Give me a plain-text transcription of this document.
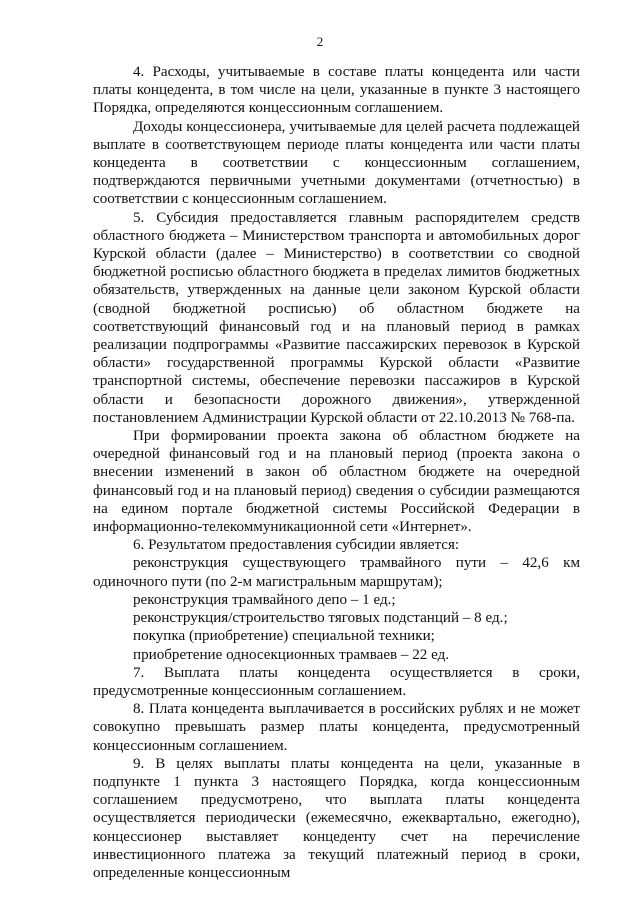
2

4. Расходы, учитываемые в составе платы концедента или части платы концедента, в том числе на цели, указанные в пункте 3 настоящего Порядка, определяются концессионным соглашением.

Доходы концессионера, учитываемые для целей расчета подлежащей выплате в соответствующем периоде платы концедента или части платы концедента в соответствии с концессионным соглашением, подтверждаются первичными учетными документами (отчетностью) в соответствии с концессионным соглашением.

5. Субсидия предоставляется главным распорядителем средств областного бюджета – Министерством транспорта и автомобильных дорог Курской области (далее – Министерство) в соответствии со сводной бюджетной росписью областного бюджета в пределах лимитов бюджетных обязательств, утвержденных на данные цели законом Курской области (сводной бюджетной росписью) об областном бюджете на соответствующий финансовый год и на плановый период в рамках реализации подпрограммы «Развитие пассажирских перевозок в Курской области» государственной программы Курской области «Развитие транспортной системы, обеспечение перевозки пассажиров в Курской области и безопасности дорожного движения», утвержденной постановлением Администрации Курской области от 22.10.2013 № 768-па.

При формировании проекта закона об областном бюджете на очередной финансовый год и на плановый период (проекта закона о внесении изменений в закон об областном бюджете на очередной финансовый год и на плановый период) сведения о субсидии размещаются на едином портале бюджетной системы Российской Федерации в информационно-телекоммуникационной сети «Интернет».

6. Результатом предоставления субсидии является:

реконструкция существующего трамвайного пути – 42,6 км одиночного пути (по 2-м магистральным маршрутам);

реконструкция трамвайного депо – 1 ед.;

реконструкция/строительство тяговых подстанций – 8 ед.;

покупка (приобретение) специальной техники;

приобретение односекционных трамваев – 22 ед.

7. Выплата платы концедента осуществляется в сроки, предусмотренные концессионным соглашением.

8. Плата концедента выплачивается в российских рублях и не может совокупно превышать размер платы концедента, предусмотренный концессионным соглашением.

9. В целях выплаты платы концедента на цели, указанные в подпункте 1 пункта 3 настоящего Порядка, когда концессионным соглашением предусмотрено, что выплата платы концедента осуществляется периодически (ежемесячно, ежеквартально, ежегодно), концессионер выставляет концеденту счет на перечисление инвестиционного платежа за текущий платежный период в сроки, определенные концессионным
